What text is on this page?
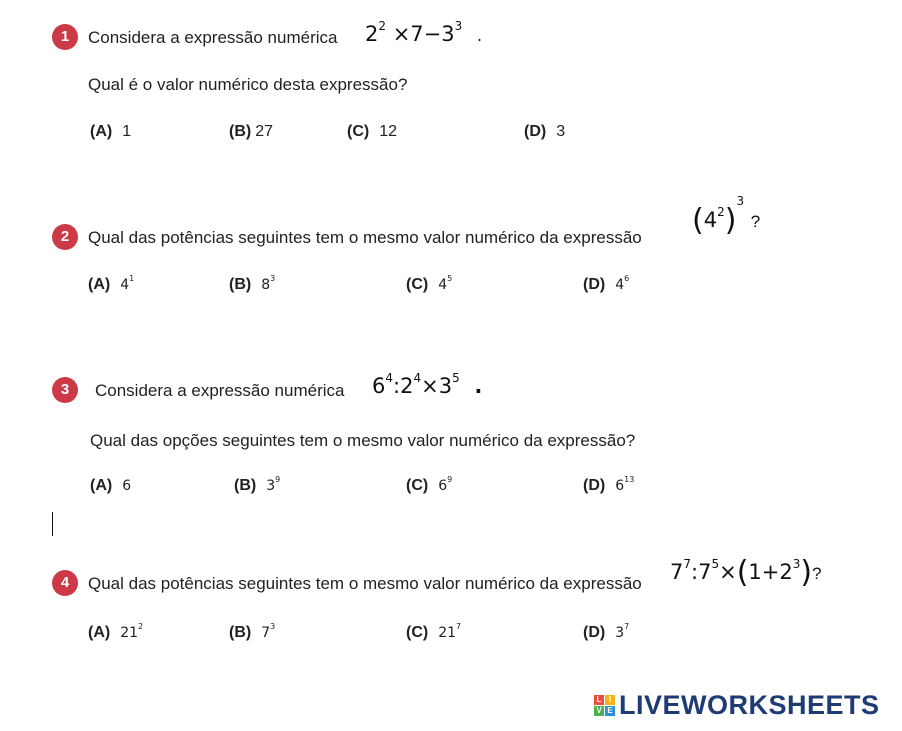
1	Considera a expressão numérica $2^2 \times 7-3^3$ .
Qual é o valor numérico desta expressão?
(A) 1	(B) 27	(C) 12	(D) 3
2	Qual das potências seguintes tem o mesmo valor numérico da expressão $(4^2)^3$ ?
(A) $4^1$	(B) $8^3$	(C) $4^5$	(D) $4^6$
3	Considera a expressão numérica $6^4:2^4\times 3^5$ .
Qual das opções seguintes tem o mesmo valor numérico da expressão?
(A) 6	(B) $3^9$	(C) $6^9$	(D) $6^{13}$
4	Qual das potências seguintes tem o mesmo valor numérico da expressão $7^7:7^5\times(1+2^3)$?
(A) $21^2$	(B) $7^3$	(C) $21^7$	(D) $3^7$
L I
V E LIVEWORKSHEETS
